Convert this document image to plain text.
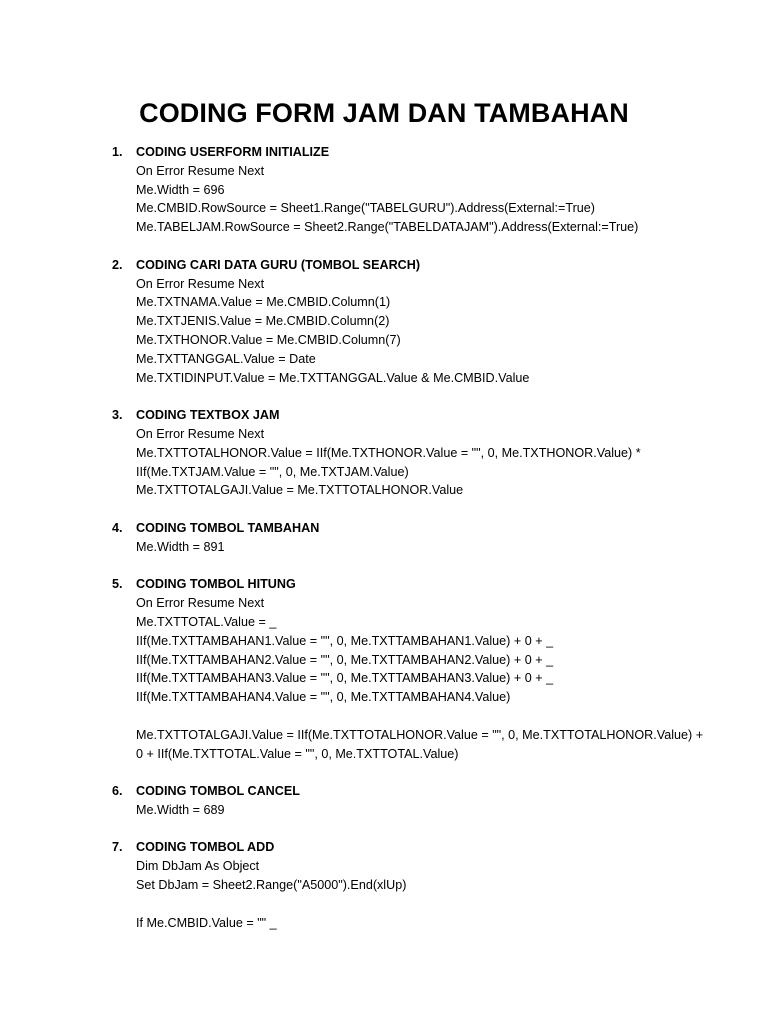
CODING FORM JAM DAN TAMBAHAN
1.	CODING USERFORM INITIALIZE
On Error Resume Next
Me.Width = 696
Me.CMBID.RowSource = Sheet1.Range("TABELGURU").Address(External:=True)
Me.TABELJAM.RowSource = Sheet2.Range("TABELDATAJAM").Address(External:=True)
2.	CODING CARI DATA GURU (TOMBOL SEARCH)
On Error Resume Next
Me.TXTNAMA.Value = Me.CMBID.Column(1)
Me.TXTJENIS.Value = Me.CMBID.Column(2)
Me.TXTHONOR.Value = Me.CMBID.Column(7)
Me.TXTTANGGAL.Value = Date
Me.TXTIDINPUT.Value = Me.TXTTANGGAL.Value & Me.CMBID.Value
3.	CODING TEXTBOX JAM
On Error Resume Next
Me.TXTTOTALHONOR.Value = IIf(Me.TXTHONOR.Value = "", 0, Me.TXTHONOR.Value) *
IIf(Me.TXTJAM.Value = "", 0, Me.TXTJAM.Value)
Me.TXTTOTALGAJI.Value = Me.TXTTOTALHONOR.Value
4.	CODING TOMBOL TAMBAHAN
Me.Width = 891
5.	CODING TOMBOL HITUNG
On Error Resume Next
Me.TXTTOTAL.Value = _
IIf(Me.TXTTAMBAHAN1.Value = "", 0, Me.TXTTAMBAHAN1.Value) + 0 + _
IIf(Me.TXTTAMBAHAN2.Value = "", 0, Me.TXTTAMBAHAN2.Value) + 0 + _
IIf(Me.TXTTAMBAHAN3.Value = "", 0, Me.TXTTAMBAHAN3.Value) + 0 + _
IIf(Me.TXTTAMBAHAN4.Value = "", 0, Me.TXTTAMBAHAN4.Value)
Me.TXTTOTALGAJI.Value = IIf(Me.TXTTOTALHONOR.Value = "", 0, Me.TXTTOTALHONOR.Value) +
0 + IIf(Me.TXTTOTAL.Value = "", 0, Me.TXTTOTAL.Value)
6.	CODING TOMBOL CANCEL
Me.Width = 689
7.	CODING TOMBOL ADD
Dim DbJam As Object
Set DbJam = Sheet2.Range("A5000").End(xlUp)
If Me.CMBID.Value = "" _
